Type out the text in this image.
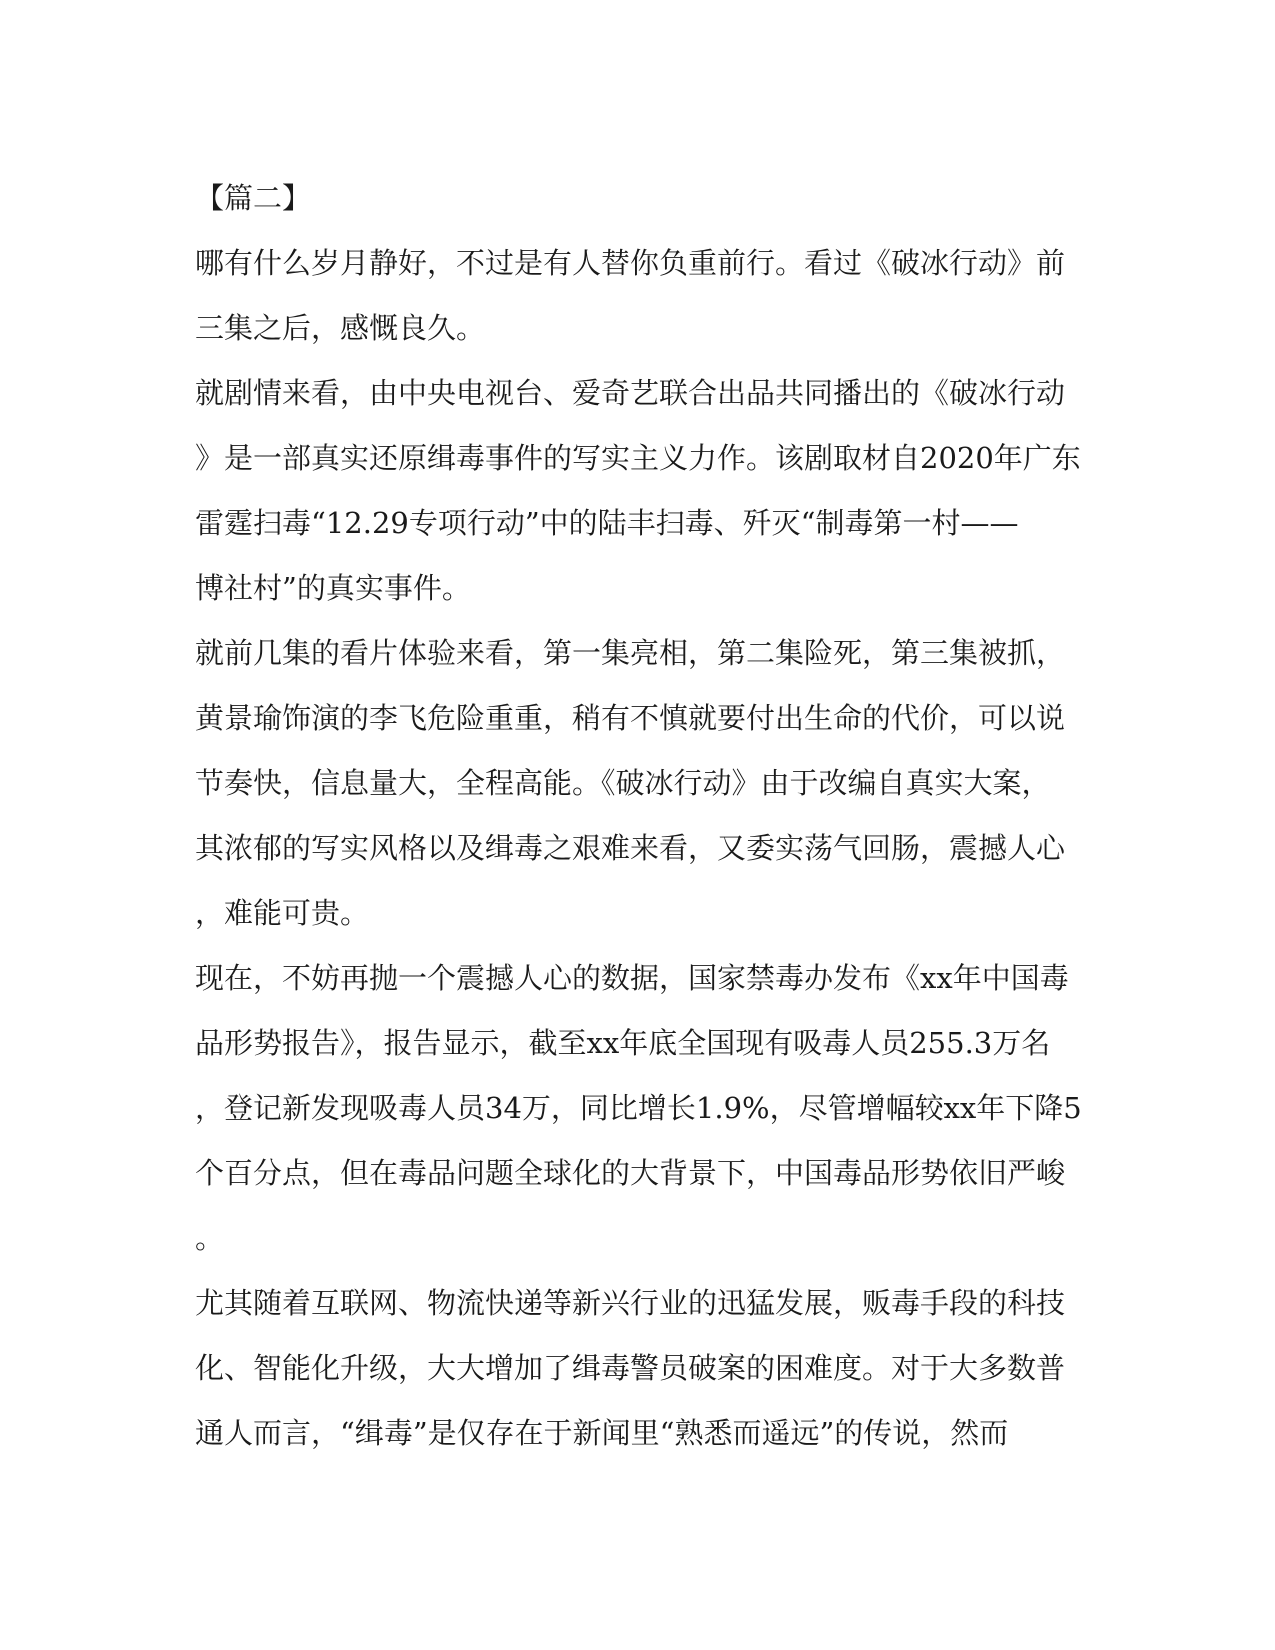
【篇二】
哪有什么岁月静好，不过是有人替你负重前行。看过《破冰行动》前
三集之后，感慨良久。
就剧情来看，由中央电视台、爱奇艺联合出品共同播出的《破冰行动
》是一部真实还原缉毒事件的写实主义力作。该剧取材自2020年广东
雷霆扫毒“12.29专项行动”中的陆丰扫毒、歼灭“制毒第一村——
博社村”的真实事件。
就前几集的看片体验来看，第一集亮相，第二集险死，第三集被抓，
黄景瑜饰演的李飞危险重重，稍有不慎就要付出生命的代价，可以说
节奏快，信息量大，全程高能。《破冰行动》由于改编自真实大案，
其浓郁的写实风格以及缉毒之艰难来看，又委实荡气回肠，震撼人心
，难能可贵。
现在，不妨再抛一个震撼人心的数据，国家禁毒办发布《xx年中国毒
品形势报告》，报告显示，截至xx年底全国现有吸毒人员255.3万名
，登记新发现吸毒人员34万，同比增长1.9%，尽管增幅较xx年下降5
个百分点，但在毒品问题全球化的大背景下，中国毒品形势依旧严峻
。
尤其随着互联网、物流快递等新兴行业的迅猛发展，贩毒手段的科技
化、智能化升级，大大增加了缉毒警员破案的困难度。对于大多数普
通人而言，“缉毒”是仅存在于新闻里“熟悉而遥远”的传说，然而
